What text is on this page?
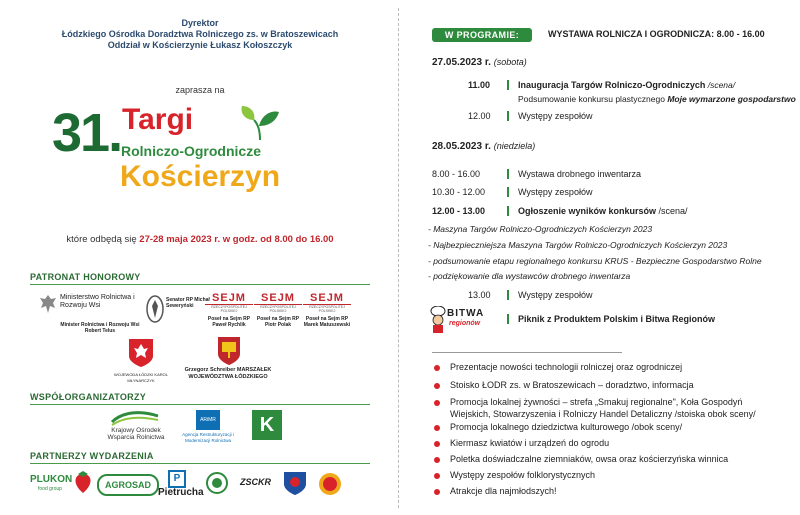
Dyrektor
Łódzkiego Ośrodka Doradztwa Rolniczego zs. w Bratoszewicach
Oddział w Kościerzynie Łukasz Kołoszczyk
zaprasza na
31. Targi
Rolniczo-Ogrodnicze
Kościerzyn
które odbędą się 27-28 maja 2023 r. w godz. od 8.00 do 16.00
PATRONAT HONOROWY
Ministerstwo Rolnictwa i Rozwoju Wsi
Minister Rolnictwa i Rozwoju Wsi Robert Telus
Senator RP Michał Seweryński
SEJM
RZECZYPOSPOLITEJ POLSKIEJ
Poseł na Sejm RP Paweł Rychlik
SEJM
RZECZYPOSPOLITEJ POLSKIEJ
Poseł na Sejm RP Piotr Polak
SEJM
RZECZYPOSPOLITEJ POLSKIEJ
Poseł na Sejm RP Marek Matuszewski
WOJEWODA ŁÓDZKI KAROL MŁYNARCZYK
Grzegorz Schreiber MARSZAŁEK WOJEWÓDZTWA ŁÓDZKIEGO
WSPÓŁORGANIZATORZY
Krajowy Ośrodek Wsparcia Rolnictwa
ARiMR
Agencja Restrukturyzacji i Modernizacji Rolnictwa
K
PARTNERZY WYDARZENIA
PLUKON
food group	AGROSAD
P
Pietrucha
ZSCKR
W PROGRAMIE:	WYSTAWA ROLNICZA I OGRODNICZA: 8.00 - 16.00
27.05.2023 r. (sobota)
11.00	Inauguracja Targów Rolniczo-Ogrodniczych /scena/
Podsumowanie konkursu plastycznego Moje wymarzone gospodarstwo
12.00	Występy zespołów
28.05.2023 r. (niedziela)
8.00 - 16.00	Wystawa drobnego inwentarza
10.30 - 12.00	Występy zespołów
12.00 - 13.00	Ogłoszenie wyników konkursów /scena/
- Maszyna Targów Rolniczo-Ogrodniczych Kościerzyn 2023
- Najbezpieczniejsza Maszyna Targów Rolniczo-Ogrodniczych Kościerzyn 2023
- podsumowanie etapu regionalnego konkursu KRUS - Bezpieczne Gospodarstwo Rolne
- podziękowanie dla wystawców drobnego inwentarza
13.00	Występy zespołów
BITWA
regionów	Piknik z Produktem Polskim i Bitwa Regionów
Prezentacje nowości technologii rolniczej oraz ogrodniczej
Stoisko ŁODR zs. w Bratoszewicach – doradztwo, informacja
Promocja lokalnej żywności – strefa „Smakuj regionalne", Koła Gospodyń
Wiejskich, Stowarzyszenia i Rolniczy Handel Detaliczny /stoiska obok sceny/
Promocja lokalnego dziedzictwa kulturowego /obok sceny/
Kiermasz kwiatów i urządzeń do ogrodu
Poletka doświadczalne ziemniaków, owsa oraz kościerzyńska winnica
Występy zespołów folklorystycznych
Atrakcje dla najmłodszych!
